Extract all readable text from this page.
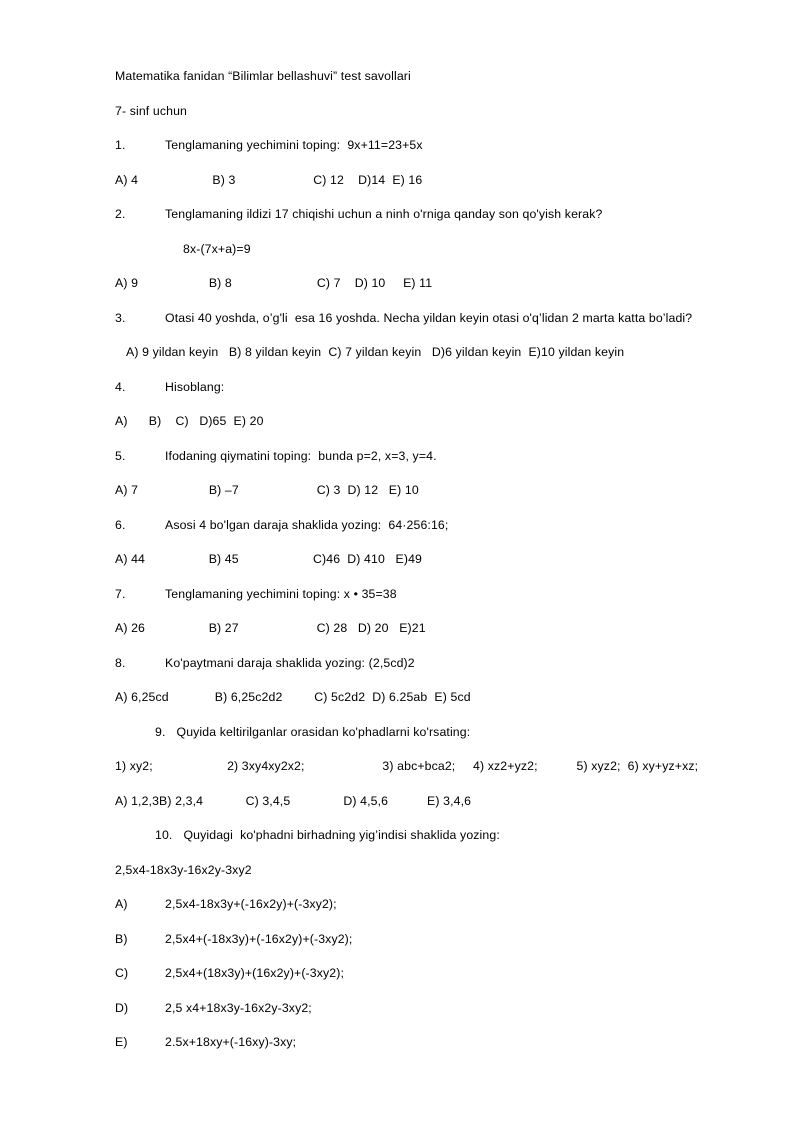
Matematika fanidan “Bilimlar bellashuvi” test savollari
7- sinf uchun
1.	Tenglamaning yechimini toping:  9x+11=23+5x
A) 4                     B) 3                      C) 12    D)14  E) 16
2.	Tenglamaning ildizi 17 chiqishi uchun a ninh o'rniga qanday son qo'yish kerak?
8x-(7x+a)=9
A) 9                    B) 8                        C) 7    D) 10     E) 11
3.	Otasi 40 yoshda, o’g'li  esa 16 yoshda. Necha yildan keyin otasi o'q’lidan 2 marta katta bo’ladi?
A) 9 yildan keyin   B) 8 yildan keyin  C) 7 yildan keyin   D)6 yildan keyin  E)10 yildan keyin
4.	Hisoblang:
A)      B)    C)   D)65  E) 20
5.	Ifodaning qiymatini toping:  bunda p=2, x=3, y=4.
A) 7                    B) –7                      C) 3  D) 12   E) 10
6.	Asosi 4 bo'lgan daraja shaklida yozing:  64·256:16;
A) 44                  B) 45                     C)46  D) 410   E)49
7.	Tenglamaning yechimini toping: x • 35=38
A) 26                  B) 27                      C) 28   D) 20   E)21
8.	Ko'paytmani daraja shaklida yozing: (2,5cd)2
A) 6,25cd             B) 6,25c2d2         C) 5c2d2  D) 6.25ab  E) 5cd
9. Quyida keltirilganlar orasidan ko'phadlarni ko'rsating:
1) xy2;                     2) 3xy4xy2x2;                      3) abc+bca2;     4) xz2+yz2;           5) xyz2;  6) xy+yz+xz;
A) 1,2,3B) 2,3,4            C) 3,4,5               D) 4,5,6           E) 3,4,6
10. Quyidagi  ko'phadni birhadning yig’indisi shaklida yozing:
2,5x4-18x3y-16x2y-3xy2
A)	2,5x4-18x3y+(-16x2y)+(-3xy2);
B)	2,5x4+(-18x3y)+(-16x2y)+(-3xy2);
C)	2,5x4+(18x3y)+(16x2y)+(-3xy2);
D)	2,5 x4+18x3y-16x2y-3xy2;
E)	2.5x+18xy+(-16xy)-3xy;
